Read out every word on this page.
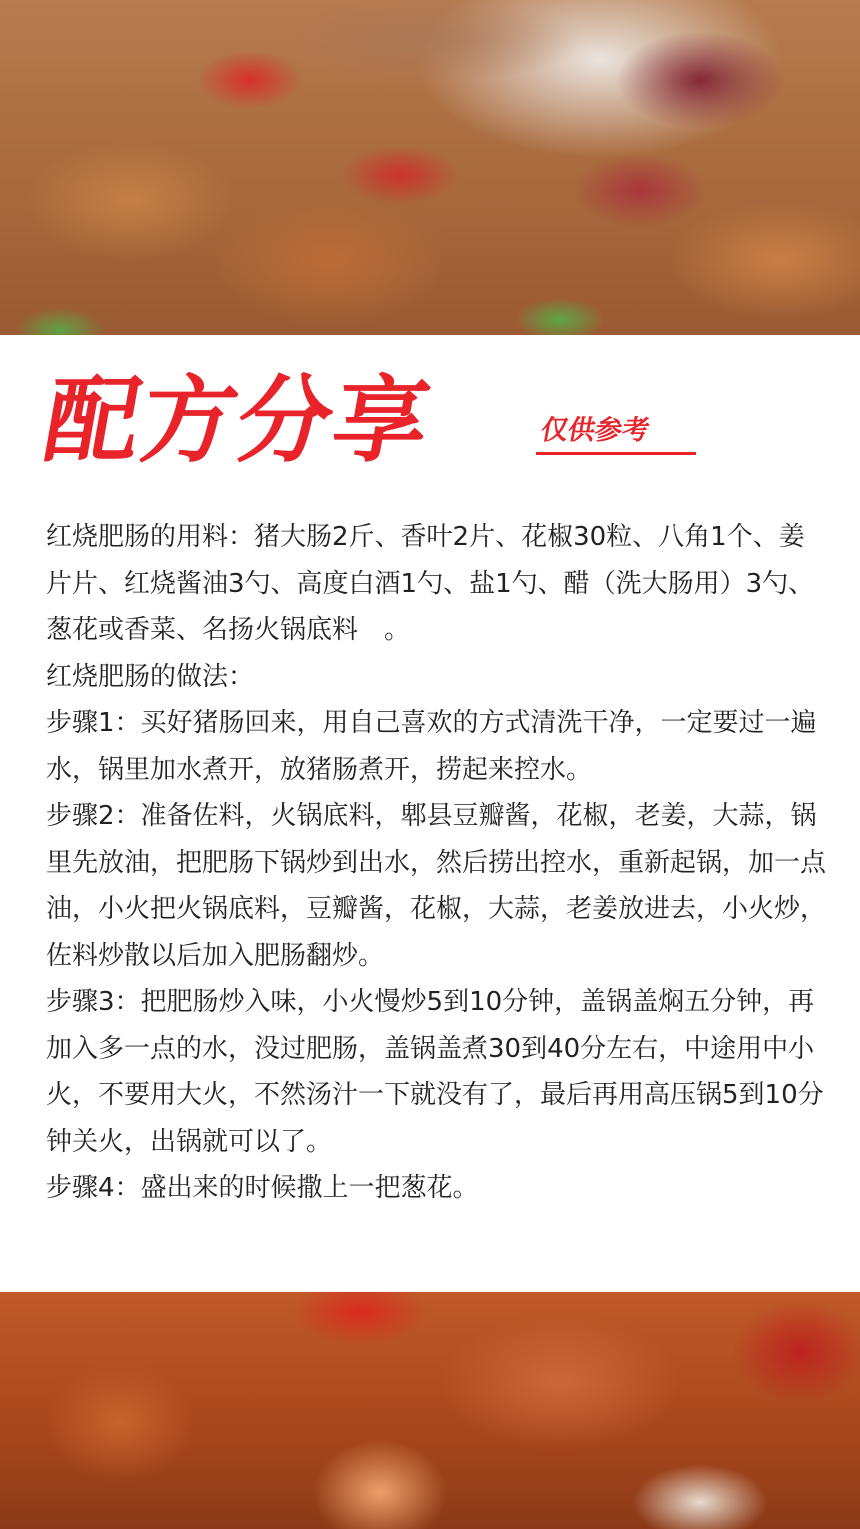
配方分享	仅供参考

红烧肥肠的用料：猪大肠2斤、香叶2片、花椒30粒、八角1个、姜片片、红烧酱油3勺、高度白酒1勺、盐1勺、醋（洗大肠用）3勺、葱花或香菜、名扬火锅底料　。

红烧肥肠的做法：

步骤1：买好猪肠回来，用自己喜欢的方式清洗干净，一定要过一遍水，锅里加水煮开，放猪肠煮开，捞起来控水。

步骤2：准备佐料，火锅底料，郫县豆瓣酱，花椒，老姜，大蒜，锅里先放油，把肥肠下锅炒到出水，然后捞出控水，重新起锅，加一点油，小火把火锅底料，豆瓣酱，花椒，大蒜，老姜放进去，小火炒，佐料炒散以后加入肥肠翻炒。

步骤3：把肥肠炒入味，小火慢炒5到10分钟，盖锅盖焖五分钟，再加入多一点的水，没过肥肠，盖锅盖煮30到40分左右，中途用中小火，不要用大火，不然汤汁一下就没有了，最后再用高压锅5到10分钟关火，出锅就可以了。

步骤4：盛出来的时候撒上一把葱花。
